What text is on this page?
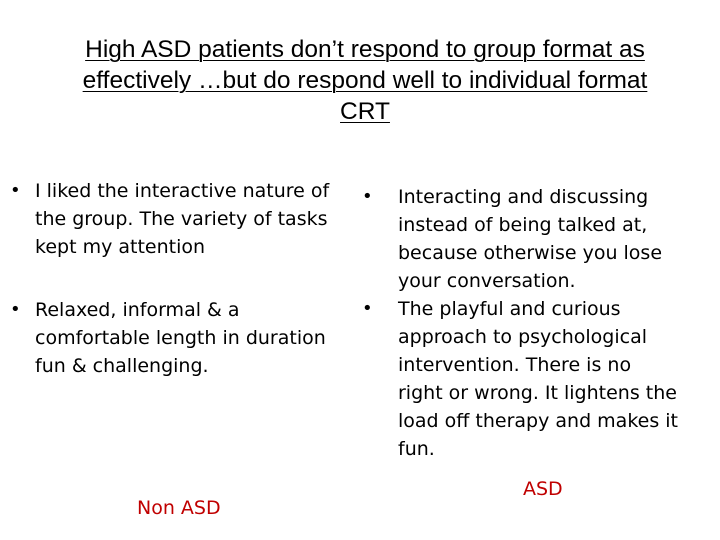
High ASD patients don’t respond to group format as
effectively …but do respond well to individual format
CRT
• I liked the interactive nature of
the group. The variety of tasks
kept my attention
• Relaxed, informal & a
comfortable length in duration
fun & challenging.
• Interacting and discussing
instead of being talked at,
because otherwise you lose
your conversation.
• The playful and curious
approach to psychological
intervention. There is no
right or wrong. It lightens the
load off therapy and makes it
fun.
Non ASD
ASD
